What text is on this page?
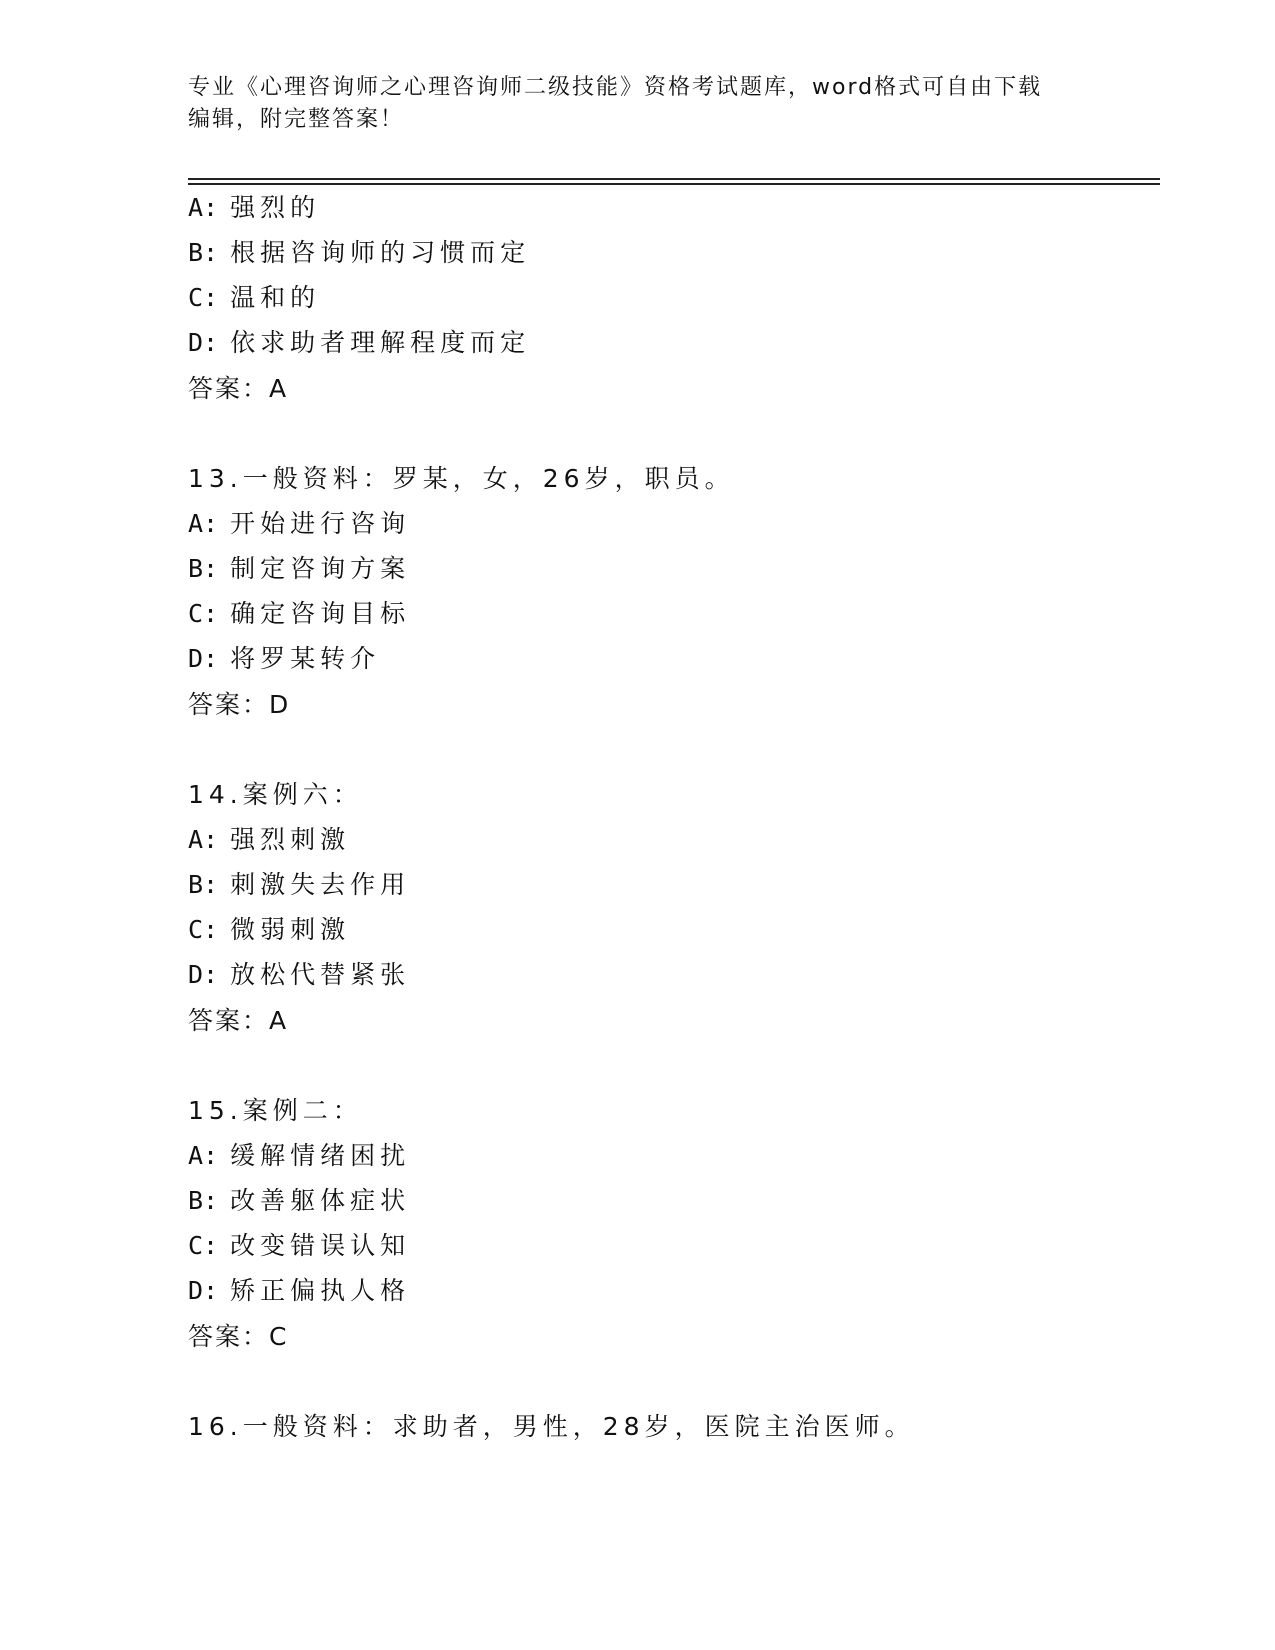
专业《心理咨询师之心理咨询师二级技能》资格考试题库，word格式可自由下载
编辑，附完整答案！
A: 强烈的
B: 根据咨询师的习惯而定
C: 温和的
D: 依求助者理解程度而定
答案：A
13.一般资料：罗某，女，26岁，职员。
A: 开始进行咨询
B: 制定咨询方案
C: 确定咨询目标
D: 将罗某转介
答案：D
14.案例六：
A: 强烈刺激
B: 刺激失去作用
C: 微弱刺激
D: 放松代替紧张
答案：A
15.案例二：
A: 缓解情绪困扰
B: 改善躯体症状
C: 改变错误认知
D: 矫正偏执人格
答案：C
16.一般资料：求助者，男性，28岁，医院主治医师。
